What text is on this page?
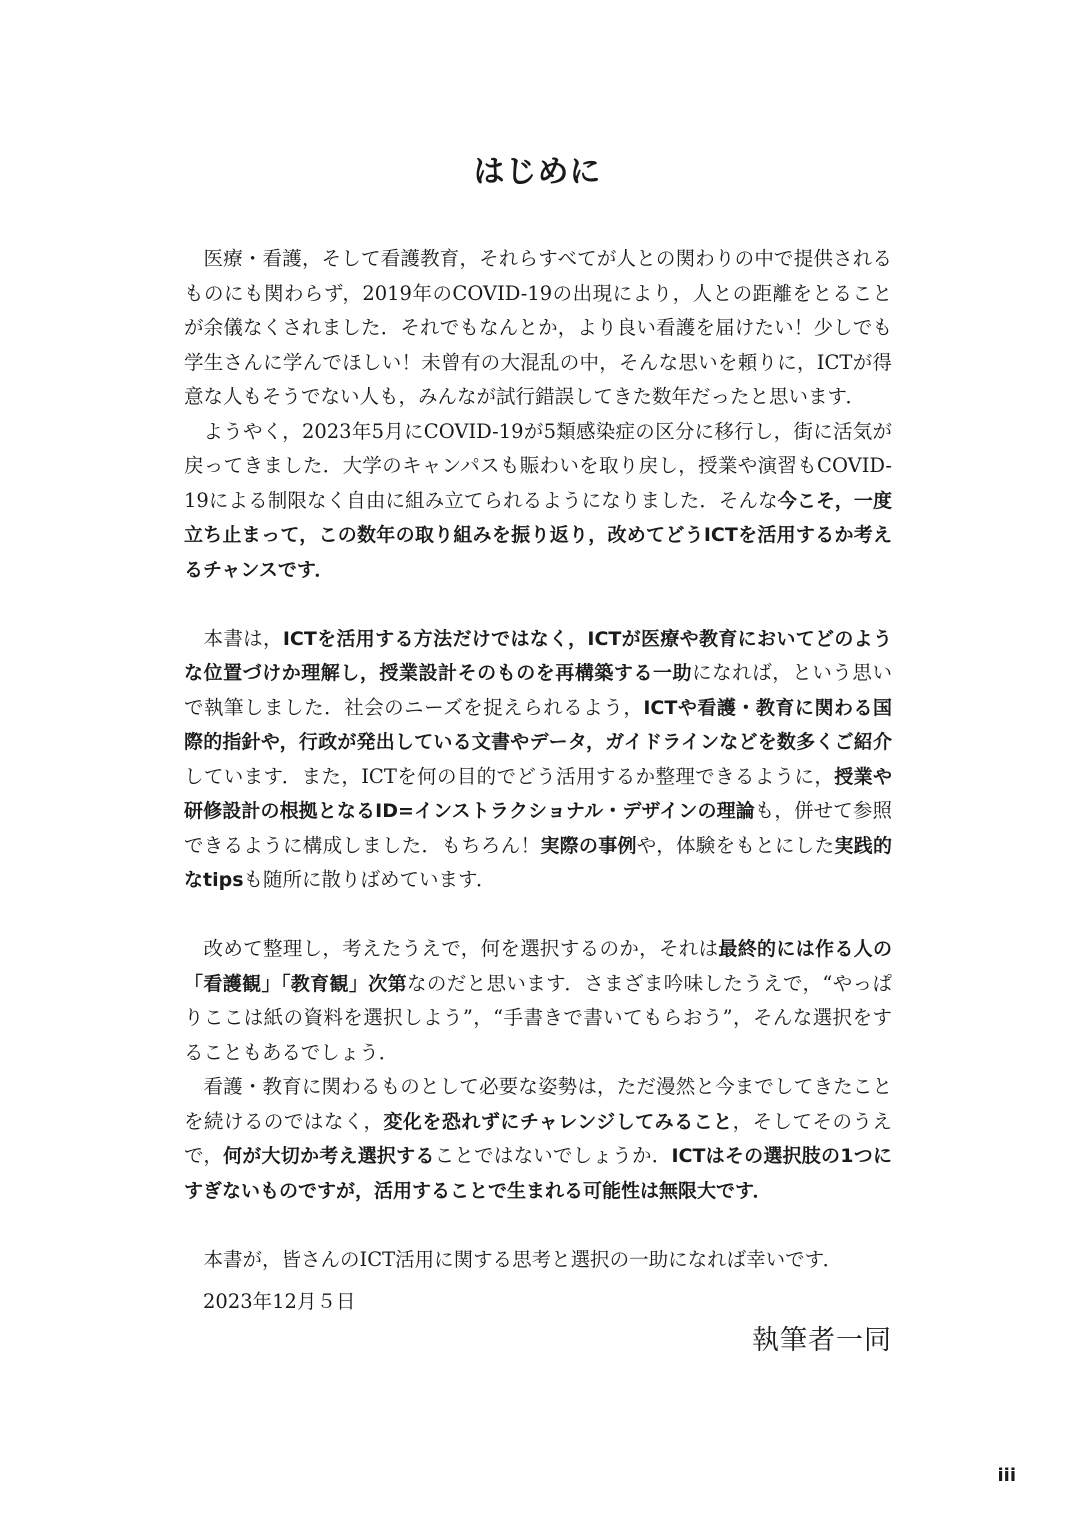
はじめに

医療・看護，そして看護教育，それらすべてが人との関わりの中で提供されるものにも関わらず，2019年のCOVID-19の出現により，人との距離をとることが余儀なくされました．それでもなんとか，より良い看護を届けたい！少しでも学生さんに学んでほしい！未曾有の大混乱の中，そんな思いを頼りに，ICTが得意な人もそうでない人も，みんなが試行錯誤してきた数年だったと思います．

ようやく，2023年5月にCOVID-19が5類感染症の区分に移行し，街に活気が戻ってきました．大学のキャンパスも賑わいを取り戻し，授業や演習もCOVID-19による制限なく自由に組み立てられるようになりました．そんな今こそ，一度立ち止まって，この数年の取り組みを振り返り，改めてどうICTを活用するか考えるチャンスです．

本書は，ICTを活用する方法だけではなく，ICTが医療や教育においてどのような位置づけか理解し，授業設計そのものを再構築する一助になれば，という思いで執筆しました．社会のニーズを捉えられるよう，ICTや看護・教育に関わる国際的指針や，行政が発出している文書やデータ，ガイドラインなどを数多くご紹介しています．また，ICTを何の目的でどう活用するか整理できるように，授業や研修設計の根拠となるID=インストラクショナル・デザインの理論も，併せて参照できるように構成しました．もちろん！実際の事例や，体験をもとにした実践的なtipsも随所に散りばめています．

改めて整理し，考えたうえで，何を選択するのか，それは最終的には作る人の「看護観」「教育観」次第なのだと思います．さまざま吟味したうえで，“やっぱりここは紙の資料を選択しよう”，“手書きで書いてもらおう”，そんな選択をすることもあるでしょう．

看護・教育に関わるものとして必要な姿勢は，ただ漫然と今までしてきたことを続けるのではなく，変化を恐れずにチャレンジしてみること，そしてそのうえで，何が大切か考え選択することではないでしょうか．ICTはその選択肢の1つにすぎないものですが，活用することで生まれる可能性は無限大です．

本書が，皆さんのICT活用に関する思考と選択の一助になれば幸いです．

2023年12月５日
執筆者一同
iii
